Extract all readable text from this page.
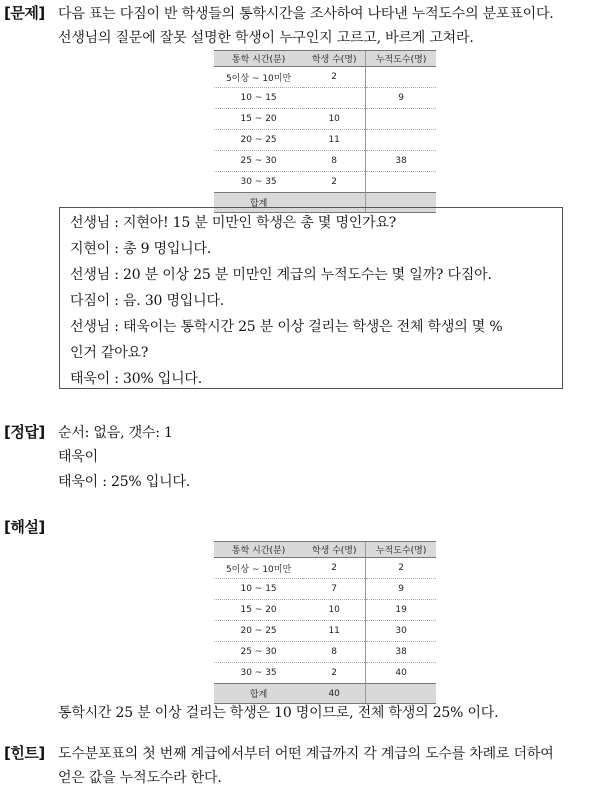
[문제] 다음 표는 다짐이 반 학생들의 통학시간을 조사하여 나타낸 누적도수의 분포표이다.
선생님의 질문에 잘못 설명한 학생이 누구인지 고르고, 바르게 고쳐라.
통학 시간(분)	학생 수(명)	누적도수(명)
5이상 ~ 10미만	2	
10 ~ 15		9
15 ~ 20	10	
20 ~ 25	11	
25 ~ 30	8	38
30 ~ 35	2	
합계		
선생님 : 지현아! 15 분 미만인 학생은 총 몇 명인가요?
지현이 : 총 9 명입니다.
선생님 : 20 분 이상 25 분 미만인 계급의 누적도수는 몇 일까? 다짐아.
다짐이 : 음. 30 명입니다.
선생님 : 태욱이는 통학시간 25 분 이상 걸리는 학생은 전체 학생의 몇 %
인거 같아요?
태욱이 : 30% 입니다.
[정답] 순서: 없음, 갯수: 1
태욱이
태욱이 : 25% 입니다.
[해설]
통학 시간(분)	학생 수(명)	누적도수(명)
5이상 ~ 10미만	2	2
10 ~ 15	7	9
15 ~ 20	10	19
20 ~ 25	11	30
25 ~ 30	8	38
30 ~ 35	2	40
합계	40	
통학시간 25 분 이상 걸리는 학생은 10 명이므로, 전체 학생의 25% 이다.
[힌트] 도수분포표의 첫 번째 계급에서부터 어떤 계급까지 각 계급의 도수를 차례로 더하여
얻은 값을 누적도수라 한다.
